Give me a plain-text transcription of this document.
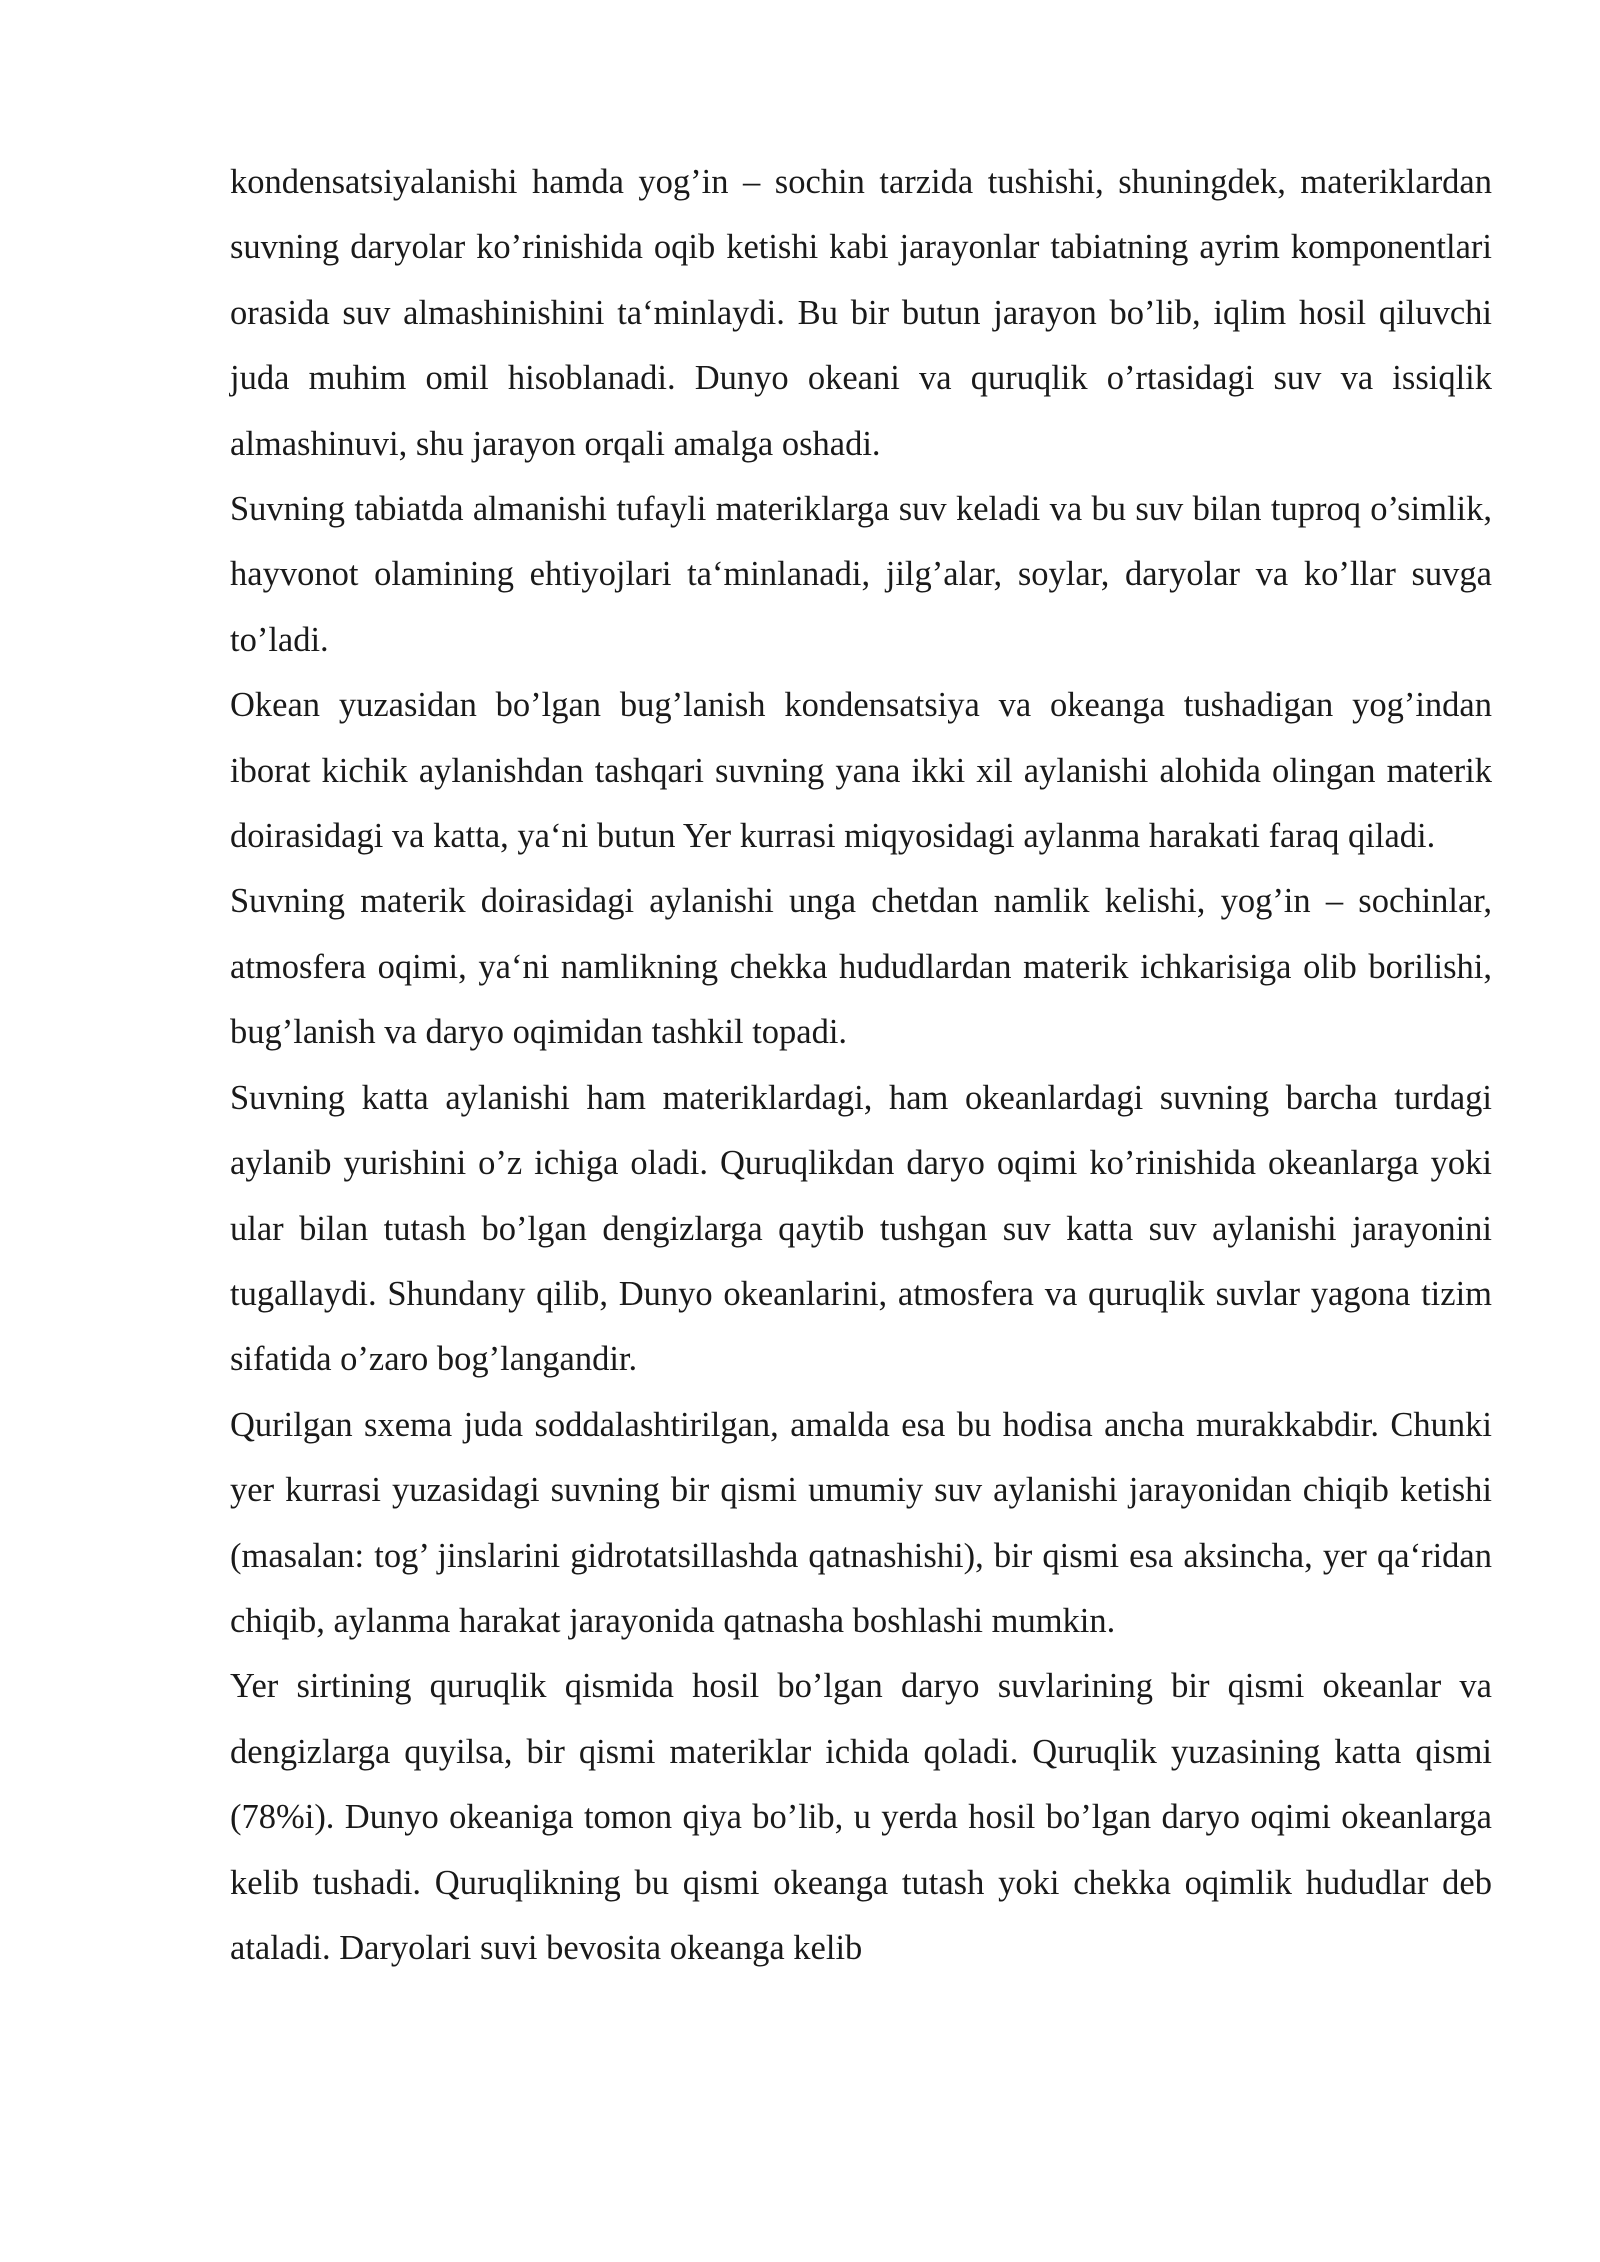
kondensatsiyalanishi hamda yog’in – sochin tarzida tushishi, shuningdek, materiklardan suvning daryolar ko’rinishida oqib ketishi kabi jarayonlar tabiatning ayrim komponentlari orasida suv almashinishini ta‘minlaydi. Bu bir butun jarayon bo’lib, iqlim hosil qiluvchi juda muhim omil hisoblanadi. Dunyo okeani va quruqlik o’rtasidagi suv va issiqlik almashinuvi, shu jarayon orqali amalga oshadi.

Suvning tabiatda almanishi tufayli materiklarga suv keladi va bu suv bilan tuproq o’simlik, hayvonot olamining ehtiyojlari ta‘minlanadi, jilg’alar, soylar, daryolar va ko’llar suvga to’ladi.

Okean yuzasidan bo’lgan bug’lanish kondensatsiya va okeanga tushadigan yog’indan iborat kichik aylanishdan tashqari suvning yana ikki xil aylanishi alohida olingan materik doirasidagi va katta, ya‘ni butun Yer kurrasi miqyosidagi aylanma harakati faraq qiladi.

Suvning materik doirasidagi aylanishi unga chetdan namlik kelishi, yog’in – sochinlar, atmosfera oqimi, ya‘ni namlikning chekka hududlardan materik ichkarisiga olib borilishi, bug’lanish va daryo oqimidan tashkil topadi.

Suvning katta aylanishi ham materiklardagi, ham okeanlardagi suvning barcha turdagi aylanib yurishini o’z ichiga oladi. Quruqlikdan daryo oqimi ko’rinishida okeanlarga yoki ular bilan tutash bo’lgan dengizlarga qaytib tushgan suv katta suv aylanishi jarayonini tugallaydi. Shundany qilib, Dunyo okeanlarini, atmosfera va quruqlik suvlar yagona tizim sifatida o’zaro bog’langandir.

Qurilgan sxema juda soddalashtirilgan, amalda esa bu hodisa ancha murakkabdir. Chunki yer kurrasi yuzasidagi suvning bir qismi umumiy suv aylanishi jarayonidan chiqib ketishi (masalan: tog’ jinslarini gidrotatsillashda qatnashishi), bir qismi esa aksincha, yer qa‘ridan chiqib, aylanma harakat jarayonida qatnasha boshlashi mumkin.

Yer sirtining quruqlik qismida hosil bo’lgan daryo suvlarining bir qismi okeanlar va dengizlarga quyilsa, bir qismi materiklar ichida qoladi. Quruqlik yuzasining katta qismi (78%i). Dunyo okeaniga tomon qiya bo’lib, u yerda hosil bo’lgan daryo oqimi okeanlarga kelib tushadi. Quruqlikning bu qismi okeanga tutash yoki chekka oqimlik hududlar deb ataladi. Daryolari suvi bevosita okeanga kelib
